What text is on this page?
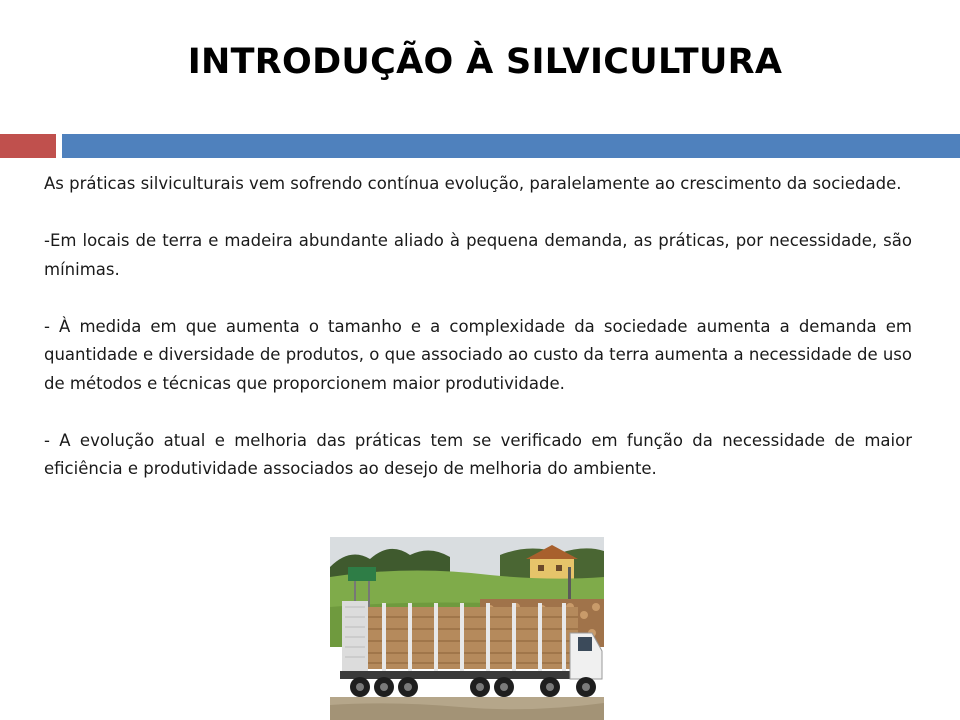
INTRODUÇÃO À SILVICULTURA

As práticas silviculturais vem sofrendo contínua evolução, paralelamente ao crescimento da sociedade.

-Em locais de terra e madeira abundante aliado à pequena demanda, as práticas, por necessidade, são mínimas.

- À medida em que aumenta o tamanho e a complexidade da sociedade aumenta a demanda em quantidade e diversidade de produtos, o que associado ao custo da terra aumenta a necessidade de uso de métodos e técnicas que proporcionem maior produtividade.

- A evolução atual e melhoria das práticas tem se verificado em função da necessidade de maior eficiência e produtividade associados ao desejo de melhoria do ambiente.
